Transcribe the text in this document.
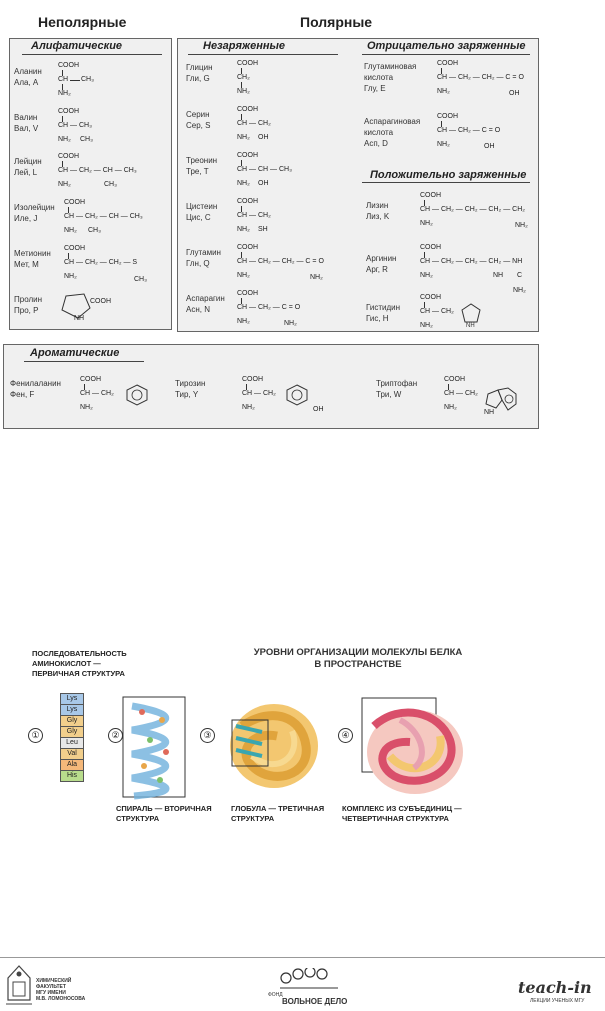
Неполярные	Полярные
Алифатические
Аланин
Ала, A
COOH
CH CH₃
NH₂
Валин
Вал, V
COOH
CH — CH₃
NH₂ CH₃
Лейцин
Лей, L
COOH
CH — CH₂ — CH — CH₃
NH₂	CH₃
Изолейцин
Иле, J
COOH
CH — CH₂ — CH — CH₃
NH₂ CH₃
Метионин
Мет, M
COOH
CH — CH₂ — CH₂ — S
NH₂	CH₃
Пролин
Про, P
COOH
NH
Незаряженные	Отрицательно заряженные
Положительно заряженные
Глицин
Гли, G
COOH
CH₂
NH₂
Серин
Сер, S
COOH
CH — CH₂
NH₂ OH
Треонин
Тре, T
COOH
CH — CH — CH₃
NH₂ OH
Цистеин
Цис, C
COOH
CH — CH₂
NH₂ SH
Глутамин
Глн, Q
COOH
CH — CH₂ — CH₂ — C = O
NH₂	NH₂
Аспарагин
Асн, N
COOH
CH — CH₂ — C = O
NH₂	NH₂
Глутаминовая кислота
Глу, E
COOH
CH — CH₂ — CH₂ — C = O
NH₂	OH
Аспарагиновая кислота
Асп, D
COOH
CH — CH₂ — C = O
NH₂	OH
Лизин
Лиз, K
COOH
CH — CH₂ — CH₂ — CH₂ — CH₂
NH₂	NH₂
Аргинин
Арг, R
COOH
CH — CH₂ — CH₂ — CH₂ — NH
NH₂	NH C
NH₂
Гистидин
Гис, H
COOH
CH — CH₂
NH₂	NH
Ароматические
Фенилаланин
Фен, F
COOH
CH — CH₂
NH₂
Тирозин
Тир, Y
COOH
CH — CH₂
NH₂	OH
Триптофан
Три, W
COOH
CH — CH₂
NH₂
NH
УРОВНИ ОРГАНИЗАЦИИ МОЛЕКУЛЫ БЕЛКА
В ПРОСТРАНСТВЕ
ПОСЛЕДОВАТЕЛЬНОСТЬ
АМИНОКИСЛОТ —
ПЕРВИЧНАЯ СТРУКТУРА
①	②	③	④
Lys
Lys
Gly
Gly
Leu
Val
Ala
His
СПИРАЛЬ — ВТОРИЧНАЯ
СТРУКТУРА
ГЛОБУЛА — ТРЕТИЧНАЯ
СТРУКТУРА
КОМПЛЕКС ИЗ СУБЪЕДИНИЦ —
ЧЕТВЕРТИЧНАЯ СТРУКТУРА
ХИМИЧЕСКИЙ
ФАКУЛЬТЕТ
МГУ ИМЕНИ
М.В. ЛОМОНОСОВА
ФОНД
ВОЛЬНОЕ ДЕЛО
teach-in
ЛЕКЦИИ УЧЕНЫХ МГУ
